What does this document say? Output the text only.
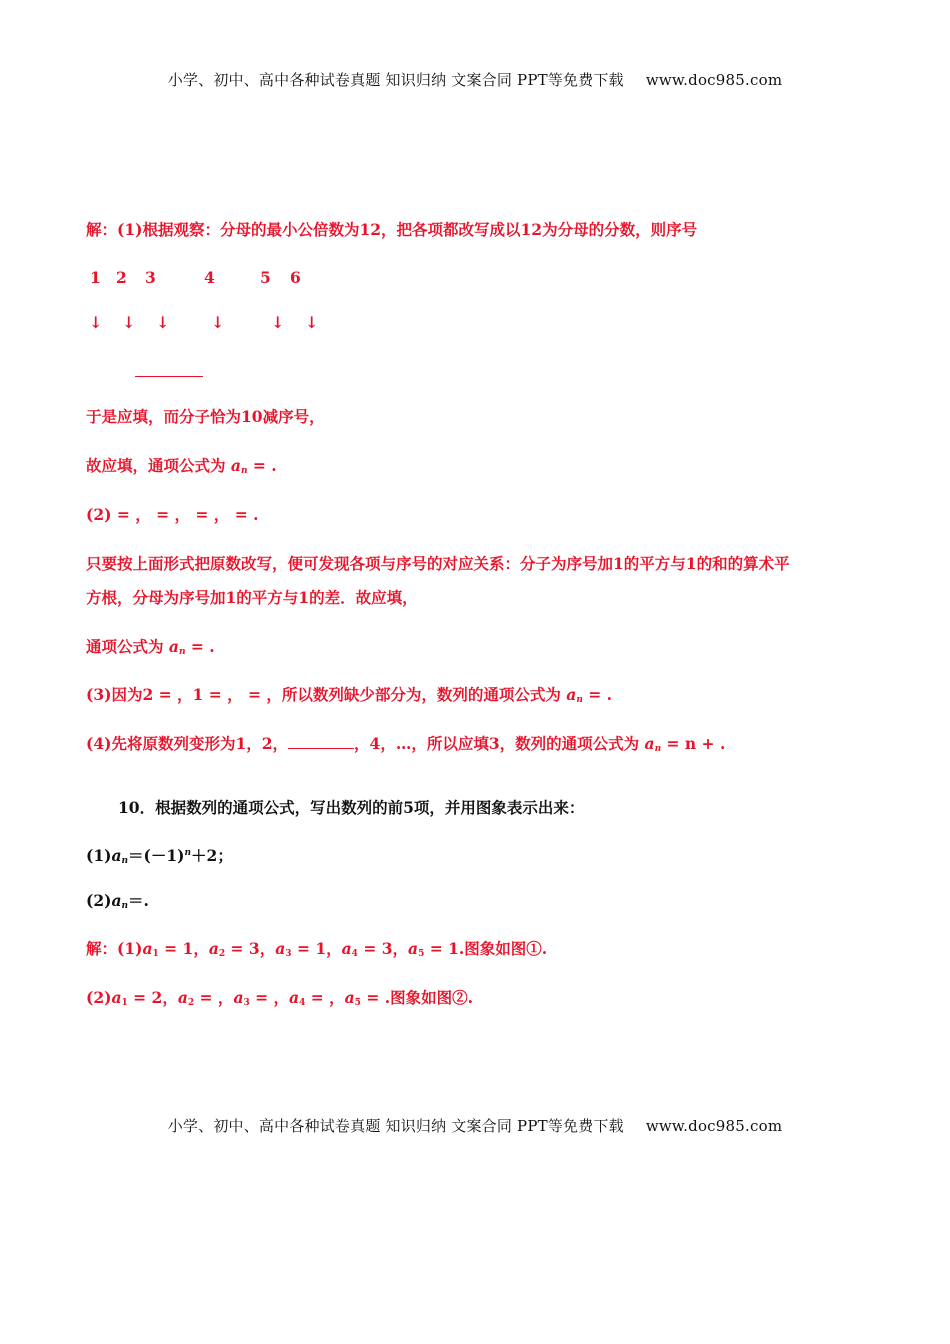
小学、初中、高中各种试卷真题 知识归纳 文案合同 PPT等免费下载 www.doc985.com
解：(1)根据观察：分母的最小公倍数为12，把各项都改写成以12为分母的分数，则序号
1 2 3	4	5 6
↓ ↓ ↓	↓	↓ ↓
于是应填，而分子恰为10减序号，
故应填，通项公式为 $a_n$ = .
(2) = ， = ， = ， = .
只要按上面形式把原数改写，便可发现各项与序号的对应关系：分子为序号加1的平方与1的和的算术平
方根，分母为序号加1的平方与1的差．故应填，
通项公式为 $a_n$ = .
(3)因为2 = ，1 = ， = ，所以数列缺少部分为，数列的通项公式为 $a_n$ = .
(4)先将原数列变形为1，2，	，4，…，所以应填3，数列的通项公式为 $a_n = n$ + .
10．根据数列的通项公式，写出数列的前5项，并用图象表示出来：
$(1)a_n=(-1)^n+2$；
$(2)a_n=$.
解：$(1)a_1 = 1$，$a_2 = 3$，$a_3 = 1$，$a_4 = 3$，$a_5 = 1$.图象如图①.
$(2)a_1 = 2$，$a_2$ = ，$a_3$ = ，$a_4$ = ，$a_5$ = .图象如图②.
小学、初中、高中各种试卷真题 知识归纳 文案合同 PPT等免费下载 www.doc985.com
